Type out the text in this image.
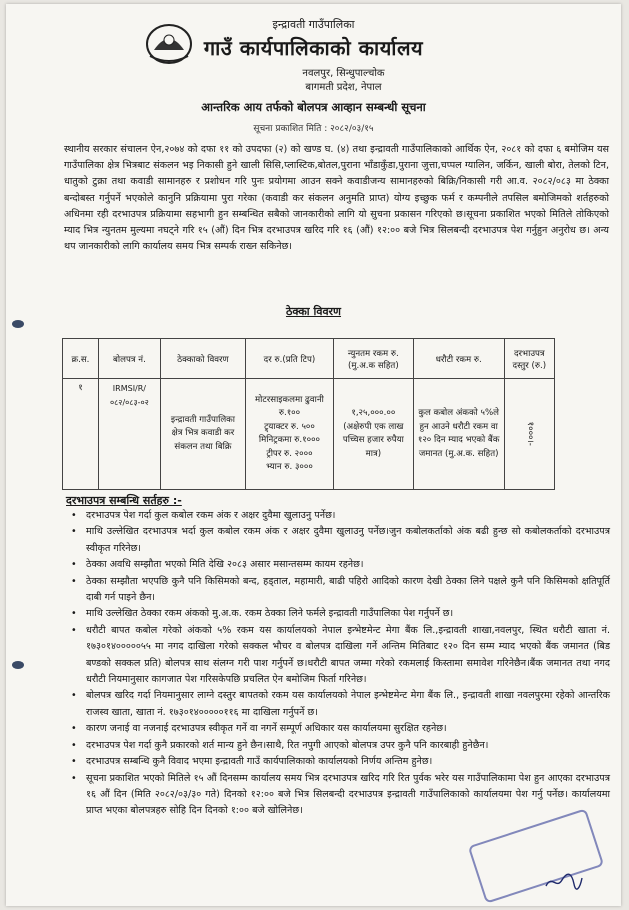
इन्द्रावती गाउँपालिका
गाउँ कार्यपालिकाको कार्यालय
नवलपुर, सिन्धुपाल्चोक
बागमती प्रदेश, नेपाल
आन्तरिक आय तर्फको बोलपत्र आव्हान सम्बन्धी सूचना
सूचना प्रकाशित मिति : २०८२/०३/१५
स्थानीय सरकार संचालन ऐन,२०७४ को दफा ११ को उपदफा (२) को खण्ड घ. (४) तथा इन्द्रावती गाउँपालिकाको आर्थिक ऐन, २०८१ को दफा ६ बमोजिम यस गाउँपालिका क्षेत्र भित्रबाट संकलन भइ निकासी हुने खाली सिसि,प्लास्टिक,बोतल,पुराना भाँडाकुँडा,पुराना जुत्ता,चप्पल ग्यालिन, जर्किन, खाली बोरा, तेलको टिन, धातुको टुक्रा तथा कवाडी सामानहरु र प्रशोधन गरि पुनः प्रयोगमा आउन सक्ने कवाडीजन्य सामानहरुको बिक्रि/निकासी गरी आ.व. २०८२/०८३ मा ठेक्का बन्दोबस्त गर्नुपर्ने भएकोले कानुनि प्रक्रियामा पुरा गरेका (कवाडी कर संकलन अनुमति प्राप्त) योग्य इच्छुक फर्म र कम्पनीले तपसिल बमोजिमको शर्तहरुको अधिनमा रही दरभाउपत्र प्रक्रियामा सहभागी हुन सम्बन्धित सबैको जानकारीको लागि यो सुचना प्रकासन गरिएको छ।सूचना प्रकाशित भएको मितिले तोकिएको म्याद भित्र न्युनतम मुल्यमा नघट्ने गरि १५ (औं) दिन भित्र दरभाउपत्र खरिद गरि १६ (औं) १२:०० बजे भित्र सिलबन्दी दरभाउपत्र पेश गर्नुहुन अनुरोध छ। अन्य थप जानकारीको लागि कार्यालय समय भित्र सम्पर्क राख्न सकिनेछ।
ठेक्का विवरण
क्र.स.	बोलपत्र नं.	ठेक्काको विवरण	दर रु.(प्रति टिप)	न्युनतम रकम रु.(मु.अ.क सहित)	धरौटी रकम रु.	दरभाउपत्र दस्तुर (रु.)
१	IRMSI/R/०८२/०८३-०२	इन्द्रावती गाउँपालिका क्षेत्र भित्र कवाडी कर संकलन तथा बिक्रि	मोटरसाइकलमा ढुवानी रु.१००
ट्र्याक्टर रु. ५००
मिनिट्रकमा रु.१०००
ट्रीपर रु. २०००
भ्यान रु. ३०००	१,२५,०००.०० (अक्षेरुपी एक लाख पच्चिस हजार रुपैया मात्र)	कुल कबोल अंकको ५%ले हुन आउने धरौटी रकम वा १२० दिन म्याद भएको बैंक जमानत (मु.अ.क. सहित)	१०००।-
दरभाउपत्र सम्बन्धि सर्तहरु :-
• दरभाउपत्र पेश गर्दा कुल कबोल रकम अंक र अक्षर दुवैमा खुलाउनु पर्नेछ।
• माथि उल्लेखित दरभाउपत्र भर्दा कुल कबोल रकम अंक र अक्षर दुवैमा खुलाउनु पर्नेछ।जुन कबोलकर्ताको अंक बढी हुन्छ सो कबोलकर्ताको दरभाउपत्र स्वीकृत गरिनेछ।
• ठेक्का अवधि सम्झौता भएको मिति देखि २०८३ असार मसान्तसम्म कायम रहनेछ।
• ठेक्का सम्झौता भएपछि कुनै पनि किसिमको बन्द, हड्ताल, महामारी, बाढी पहिरो आदिको कारण देखी ठेक्का लिने पक्षले कुनै पनि किसिमको क्षतिपूर्ति दाबी गर्न पाइने छैन।
• माथि उल्लेखित ठेक्का रकम अंकको मु.अ.क. रकम ठेक्का लिने फर्मले इन्द्रावती गाउँपालिका पेश गर्नुपर्ने छ।
• धरौटी बापत कबोल गरेको अंकको ५% रकम यस कार्यालयको नेपाल इन्भेष्टमेन्ट मेगा बैंक लि.,इन्द्रावती शाखा,नवलपुर, स्थित धरौटी खाता नं. १७३०१४०००००५५ मा नगद दाखिला गरेको सक्कल भौचर व बोलपत्र दाखिला गर्ने अन्तिम मितिबाट १२० दिन सम्म म्याद भएको बैंक जमानत (बिड बण्डको सक्कल प्रति) बोलपत्र साथ संलग्न गरी पाश गर्नुपर्ने छ।धरौटी बापत जम्मा गरेको रकमलाई किस्तामा समावेश गरिनेछैन।बैंक जमानत तथा नगद धरौटी नियमानुसार कागजात पेश गरिसकेपछि प्रचलित ऐन बमोजिम फिर्ता गरिनेछ।
• बोलपत्र खरिद गर्दा नियमानुसार लाग्ने दस्तुर बापतको रकम यस कार्यालयको नेपाल इन्भेष्टमेन्ट मेगा बैंक लि., इन्द्रावती शाखा नवलपुरमा रहेको आन्तरिक राजस्व खाता, खाता नं. १७३०१४०००००११६ मा दाखिला गर्नुपर्ने छ।
• कारण जनाई वा नजनाई दरभाउपत्र स्वीकृत गर्ने वा नगर्ने सम्पूर्ण अधिकार यस कार्यालयमा सुरक्षित रहनेछ।
• दरभाउपत्र पेश गर्दा कुनै प्रकारको शर्त मान्य हुने छैन।साथै, रित नपुगी आएको बोलपत्र उपर कुनै पनि कारबाही हुनेछैन।
• दरभाउपत्र सम्बन्धि कुनै विवाद भएमा इन्द्रावती गाउँ कार्यपालिकाको कार्यालयको निर्णय अन्तिम हुनेछ।
• सूचना प्रकाशित भएको मितिले १५ औं दिनसम्म कार्यालय समय भित्र दरभाउपत्र खरिद गरि रित पुर्वक भरेर यस गाउँपालिकामा पेश हुन आएका दरभाउपत्र १६ औं दिन (मिति २०८२/०३/३० गते) दिनको १२:०० बजे भित्र सिलबन्दी दरभाउपत्र इन्द्रावती गाउँपालिकाको कार्यालयमा पेश गर्नु पर्नेछ। कार्यालयमा प्राप्त भएका बोलपत्रहरु सोहि दिन दिनको १:०० बजे खोलिनेछ।
